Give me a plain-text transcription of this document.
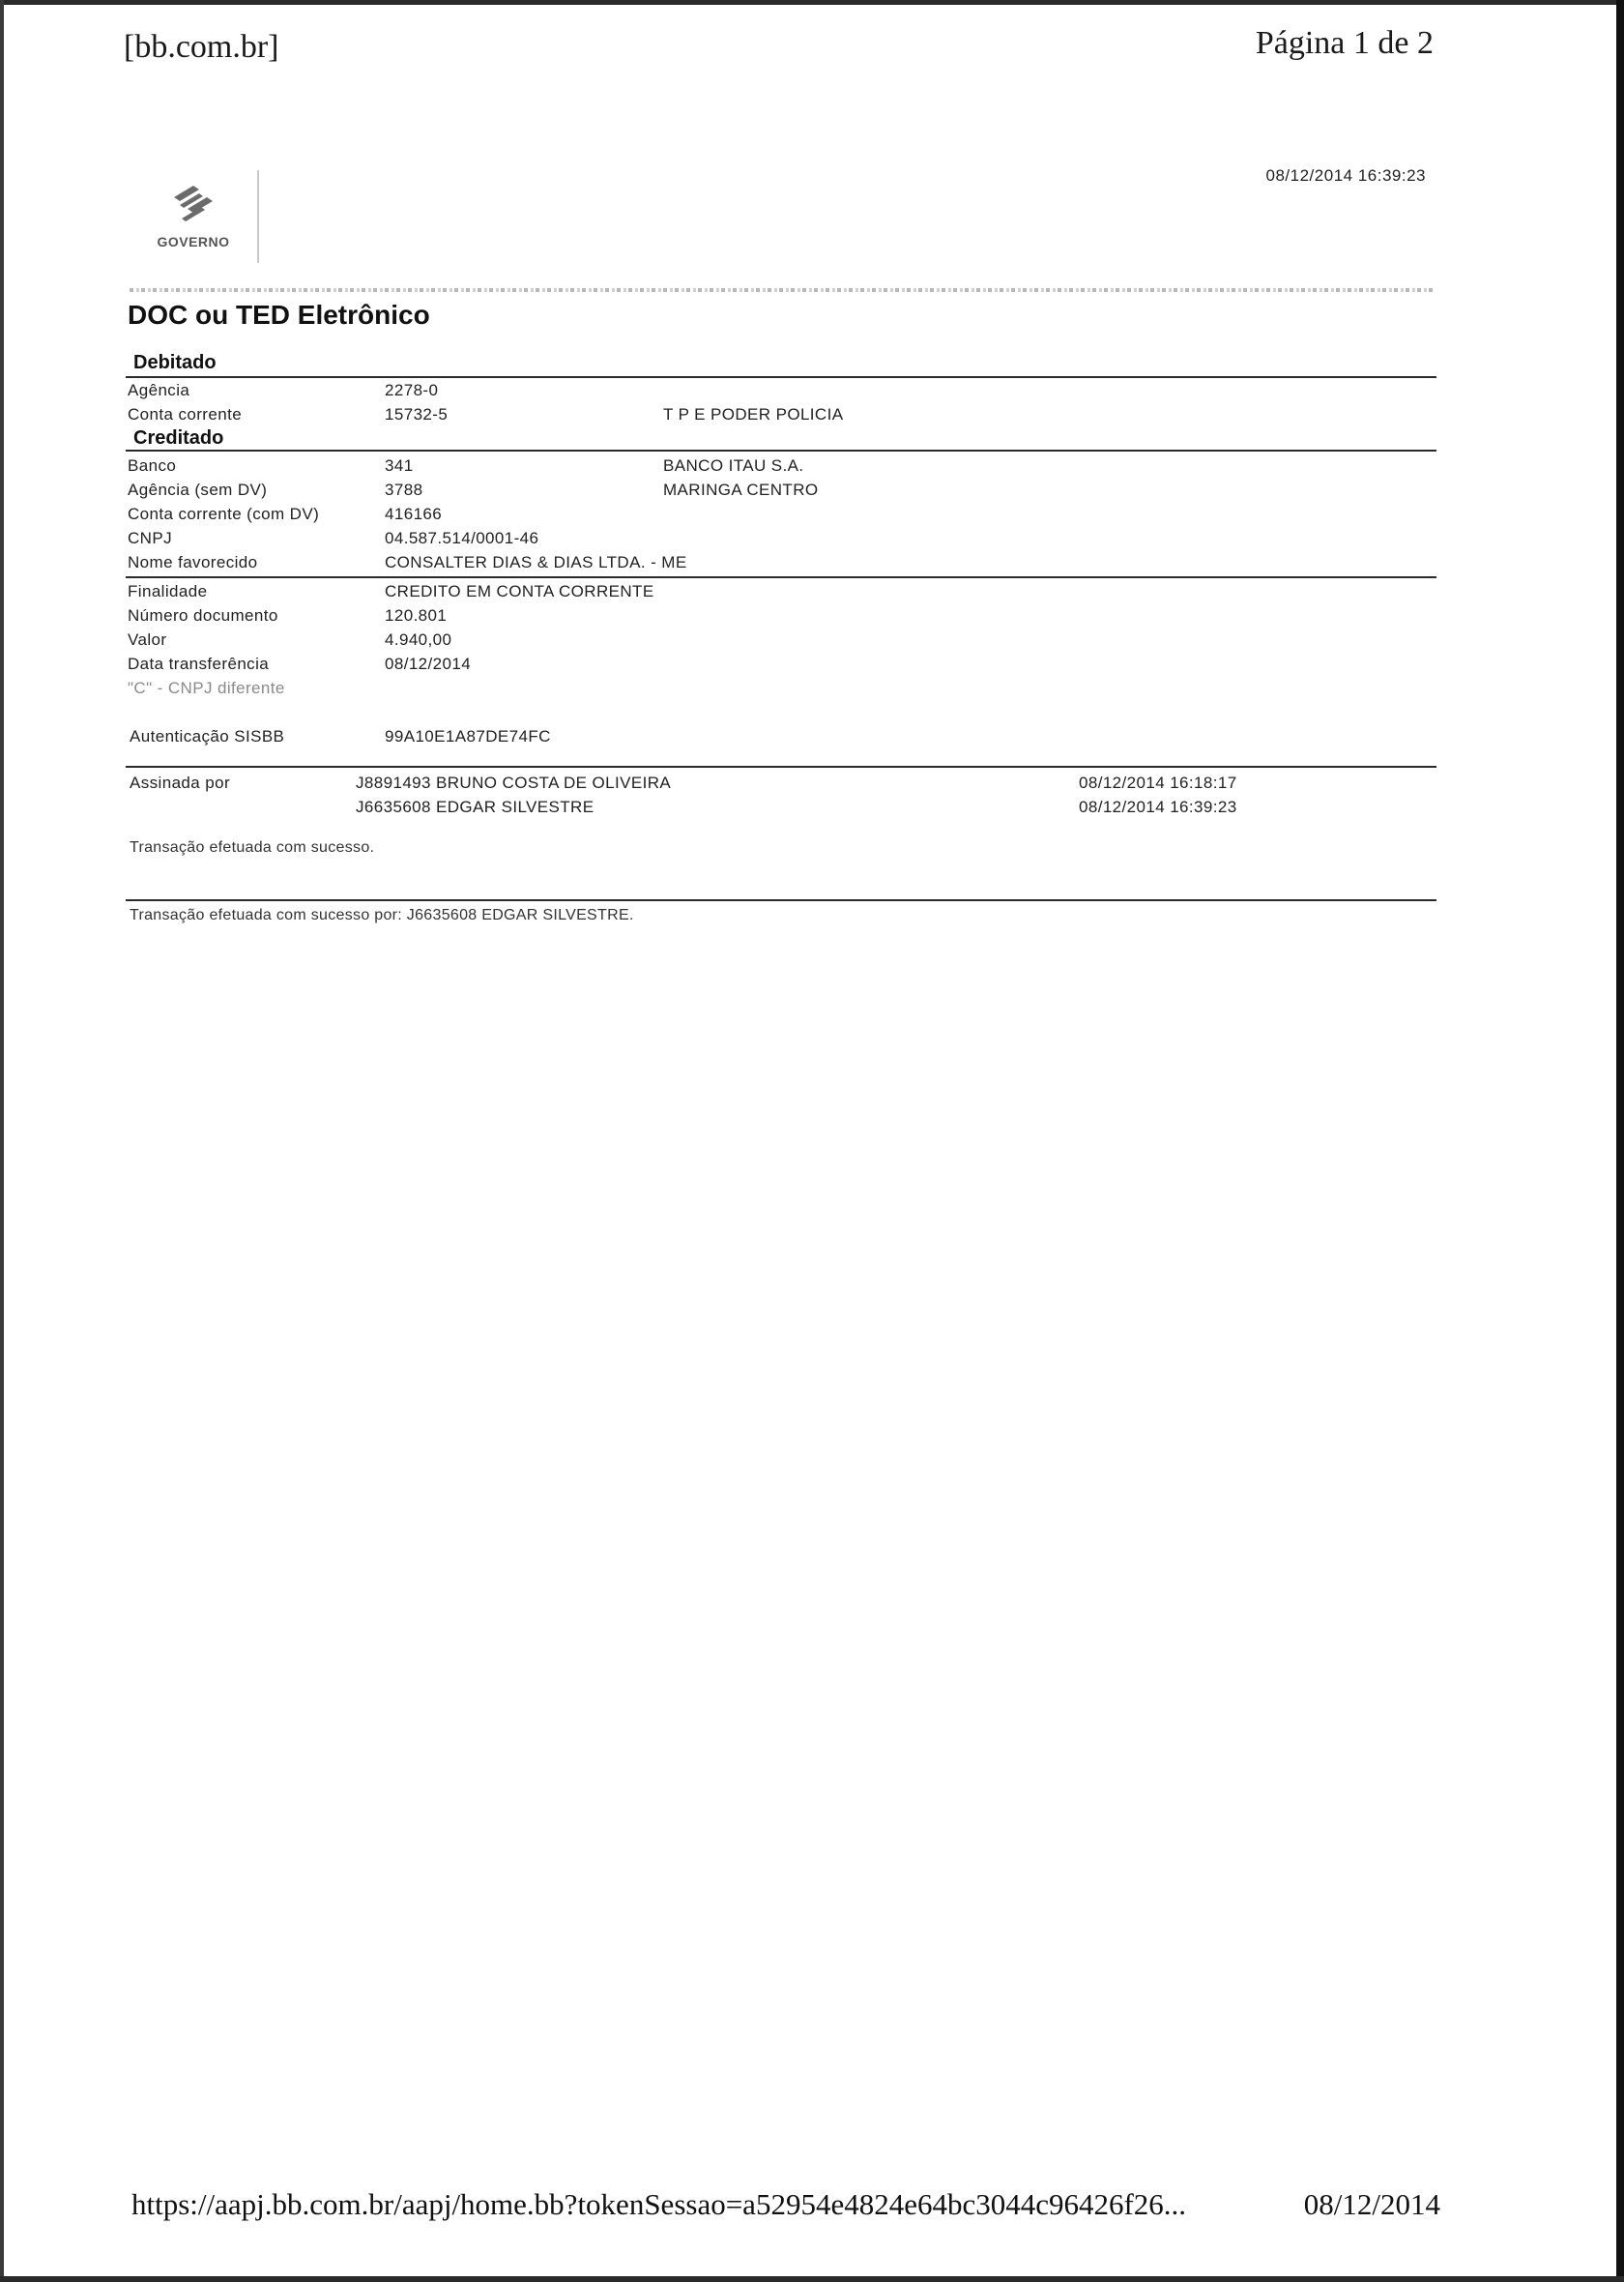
[bb.com.br]	Página 1 de 2
GOVERNO
08/12/2014 16:39:23
DOC ou TED Eletrônico
Debitado
Agência	2278-0
Conta corrente	15732-5	T P E PODER POLICIA
Creditado
Banco	341	BANCO ITAU S.A.
Agência (sem DV)	3788	MARINGA CENTRO
Conta corrente (com DV)	416166
CNPJ	04.587.514/0001-46
Nome favorecido	CONSALTER DIAS & DIAS LTDA. - ME
Finalidade	CREDITO EM CONTA CORRENTE
Número documento	120.801
Valor	4.940,00
Data transferência	08/12/2014
"C" - CNPJ diferente
Autenticação SISBB	99A10E1A87DE74FC
Assinada por	J8891493 BRUNO COSTA DE OLIVEIRA	08/12/2014 16:18:17
J6635608 EDGAR SILVESTRE	08/12/2014 16:39:23
Transação efetuada com sucesso.
Transação efetuada com sucesso por: J6635608 EDGAR SILVESTRE.
https://aapj.bb.com.br/aapj/home.bb?tokenSessao=a52954e4824e64bc3044c96426f26...	08/12/2014
